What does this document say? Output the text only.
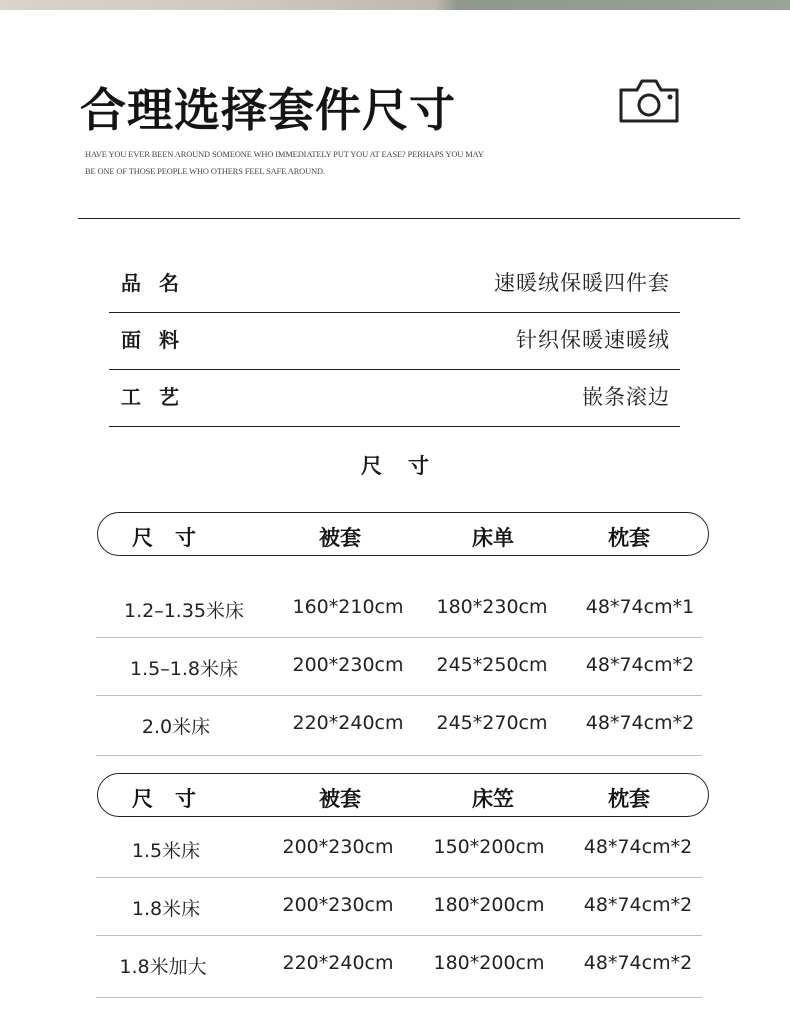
合理选择套件尺寸
HAVE YOU EVER BEEN AROUND SOMEONE WHO IMMEDIATELY PUT YOU AT EASE? PERHAPS YOU MAY
BE ONE OF THOSE PEOPLE WHO OTHERS FEEL SAFE AROUND.
品名	速暖绒保暖四件套
面料	针织保暖速暖绒
工艺	嵌条滚边
尺寸
尺寸	被套	床单	枕套
1.2–1.35米床	160*210cm 180*230cm 48*74cm*1
1.5–1.8米床	200*230cm 245*250cm 48*74cm*2
2.0米床	220*240cm 245*270cm 48*74cm*2
尺寸	被套	床笠	枕套
1.5米床	200*230cm 150*200cm 48*74cm*2
1.8米床	200*230cm 180*200cm 48*74cm*2
1.8米加大	220*240cm 180*200cm 48*74cm*2
